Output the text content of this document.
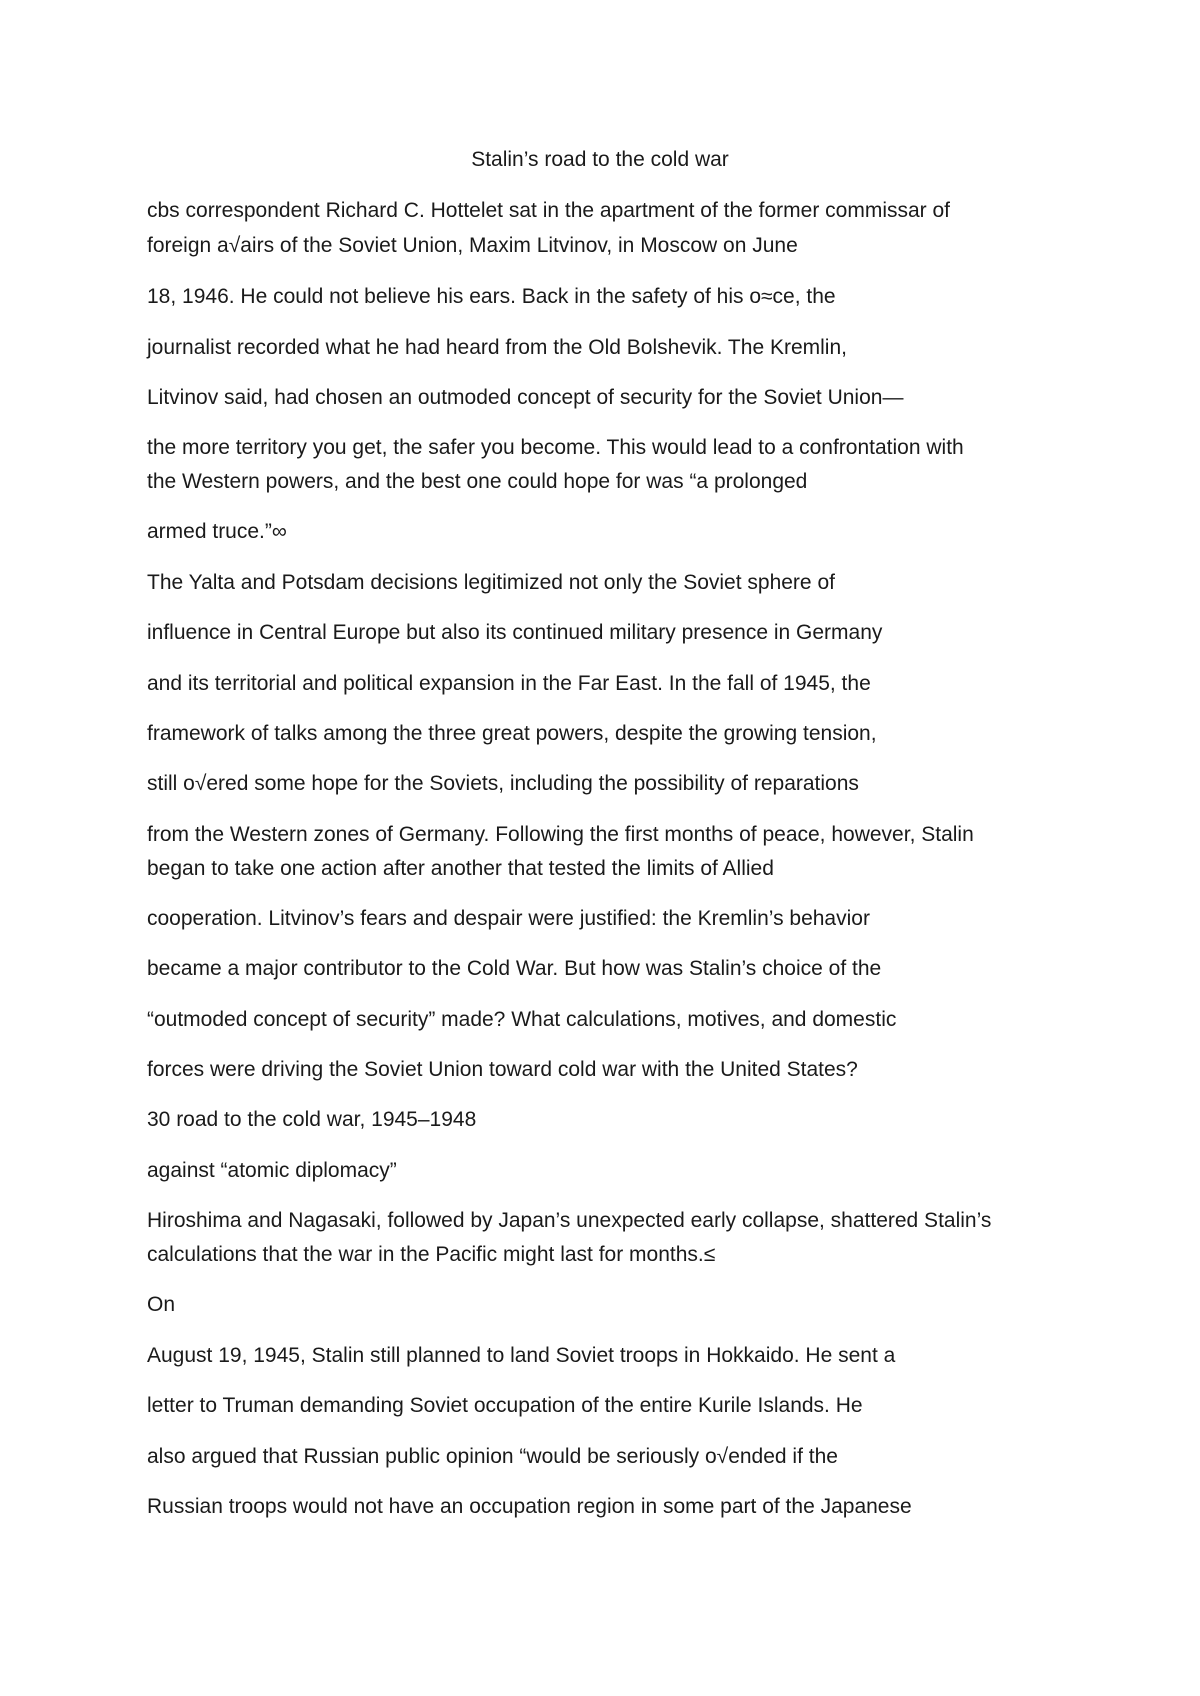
Stalin’s road to the cold war
cbs correspondent Richard C. Hottelet sat in the apartment of the former commissar of
foreign a√airs of the Soviet Union, Maxim Litvinov, in Moscow on June
18, 1946. He could not believe his ears. Back in the safety of his o≈ce, the
journalist recorded what he had heard from the Old Bolshevik. The Kremlin,
Litvinov said, had chosen an outmoded concept of security for the Soviet Union—
the more territory you get, the safer you become. This would lead to a confrontation with
the Western powers, and the best one could hope for was “a prolonged
armed truce.”∞
The Yalta and Potsdam decisions legitimized not only the Soviet sphere of
influence in Central Europe but also its continued military presence in Germany
and its territorial and political expansion in the Far East. In the fall of 1945, the
framework of talks among the three great powers, despite the growing tension,
still o√ered some hope for the Soviets, including the possibility of reparations
from the Western zones of Germany. Following the first months of peace, however, Stalin
began to take one action after another that tested the limits of Allied
cooperation. Litvinov’s fears and despair were justified: the Kremlin’s behavior
became a major contributor to the Cold War. But how was Stalin’s choice of the
“outmoded concept of security” made? What calculations, motives, and domestic
forces were driving the Soviet Union toward cold war with the United States?
30 road to the cold war, 1945–1948
against “atomic diplomacy”
Hiroshima and Nagasaki, followed by Japan’s unexpected early collapse, shattered Stalin’s
calculations that the war in the Pacific might last for months.≤
On
August 19, 1945, Stalin still planned to land Soviet troops in Hokkaido. He sent a
letter to Truman demanding Soviet occupation of the entire Kurile Islands. He
also argued that Russian public opinion “would be seriously o√ended if the
Russian troops would not have an occupation region in some part of the Japanese
